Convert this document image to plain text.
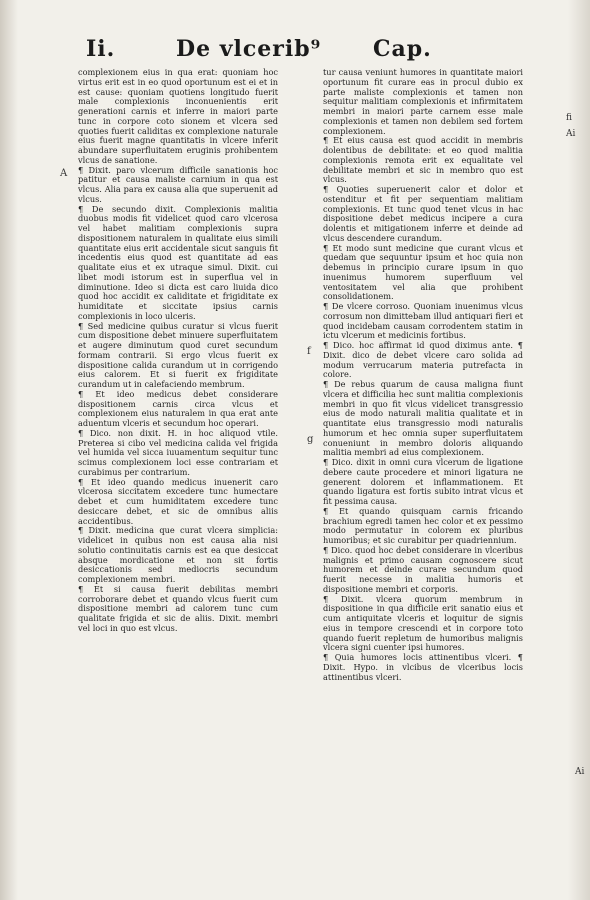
Ii.	De vlcerib⁹ Cap.
A
f
g

complexionem eius in qua erat: quoniam hoc virtus erit est in eo quod oportunum est ei et in est cause: quoniam quotiens longitudo fuerit male complexionis inconuenientis erit generationi carnis et inferre in maiori parte tunc in corpore coto sionem et vlcera sed quoties fuerit caliditas ex complexione naturale eius fuerit magne quantitatis in vlcere inferit abundare superfluitatem eruginis prohibentem vlcus de sanatione.

¶ Dixit. paro vlcerum difficile sanationis hoc patitur et causa maliste carnium in qua est vlcus. Alia para ex causa alia que superuenit ad vlcus.

¶ De secundo dixit. Complexionis malitia duobus modis fit videlicet quod caro vlcerosa vel habet malitiam complexionis supra dispositionem naturalem in qualitate eius simili quantitate eius erit accidentale sicut sanguis fit incedentis eius quod est quantitate ad eas qualitate eius et ex utraque simul. Dixit. cui libet modi istorum est in superflua vel in diminutione. Ideo si dicta est caro liuida dico quod hoc accidit ex caliditate et frigiditate ex humiditate et siccitate ipsius carnis complexionis in loco ulceris.

¶ Sed medicine quibus curatur si vlcus fuerit cum dispositione debet minuere superfluitatem et augere diminutum quod curet secundum formam contrarii. Si ergo vlcus fuerit ex dispositione calida curandum ut in corrigendo eius calorem. Et si fuerit ex frigiditate curandum ut in calefaciendo membrum.

¶ Et ideo medicus debet considerare dispositionem carnis circa vlcus et complexionem eius naturalem in qua erat ante aduentum vlceris et secundum hoc operari.

¶ Dico. non dixit. H. in hoc aliquod vtile. Preterea si cibo vel medicina calida vel frigida vel humida vel sicca iuuamentum sequitur tunc scimus complexionem loci esse contrariam et curabimus per contrarium.

¶ Et ideo quando medicus inuenerit caro vlcerosa siccitatem excedere tunc humectare debet et cum humiditatem excedere tunc desiccare debet, et sic de omnibus aliis accidentibus.

¶ Dixit. medicina que curat vlcera simplicia: videlicet in quibus non est causa alia nisi solutio continuitatis carnis est ea que desiccat absque mordicatione et non sit fortis desiccationis sed mediocris secundum complexionem membri.

¶ Et si causa fuerit debilitas membri corroborare debet et quando vlcus fuerit cum dispositione membri ad calorem tunc cum qualitate frigida et sic de aliis. Dixit. membri vel loci in quo est vlcus.

tur causa veniunt humores in quantitate maiori oportunum fit curare eas in procul dubio ex parte maliste complexionis et tamen non sequitur malitiam complexionis et infirmitatem membri in maiori parte carnem esse male complexionis et tamen non debilem sed fortem complexionem.

¶ Et eius causa est quod accidit in membris dolentibus de debilitate: et eo quod malitia complexionis remota erit ex equalitate vel debilitate membri et sic in membro quo est vlcus.

¶ Quoties superuenerit calor et dolor et ostenditur et fit per sequentiam malitiam complexionis. Et tunc quod tenet vlcus in hac dispositione debet medicus incipere a cura dolentis et mitigationem inferre et deinde ad vlcus descendere curandum.

¶ Et modo sunt medicine que curant vlcus et quedam que sequuntur ipsum et hoc quia non debemus in principio curare ipsum in quo inuenimus humorem superfluum vel ventositatem vel alia que prohibent consolidationem.

¶ De vlcere corroso. Quoniam inuenimus vlcus corrosum non dimittebam illud antiquari fieri et quod incidebam causam corrodentem statim in ictu vlcerum et medicinis fortibus.

¶ Dico. hoc affirmat id quod diximus ante. ¶ Dixit. dico de debet vlcere caro solida ad modum verrucarum materia putrefacta in colore.

¶ De rebus quarum de causa maligna fiunt vlcera et difficilia hec sunt malitia complexionis membri in quo fit vlcus videlicet transgressio eius de modo naturali malitia qualitate et in quantitate eius transgressio modi naturalis humorum et hec omnia super superfluitatem conueniunt in membro doloris aliquando malitia membri ad eius complexionem.

¶ Dico. dixit in omni cura vlcerum de ligatione debere caute procedere et minori ligatura ne generent dolorem et inflammationem. Et quando ligatura est fortis subito intrat vlcus et fit pessima causa.

¶ Et quando quisquam carnis fricando brachium egredi tamen hec color et ex pessimo modo permutatur in colorem ex pluribus humoribus; et sic curabitur per quadriennium.

¶ Dico. quod hoc debet considerare in vlceribus malignis et primo causam cognoscere sicut humorem et deinde curare secundum quod fuerit necesse in malitia humoris et dispositione membri et corporis.

¶ Dixit. vlcera quorum membrum in dispositione in qua difficile erit sanatio eius et cum antiquitate vlceris et loquitur de signis eius in tempore crescendi et in corpore toto quando fuerit repletum de humoribus malignis vlcera signi cuenter ipsi humores.

¶ Quia humores locis attinentibus vlceri. ¶ Dixit. Hypo. in vlcibus de vlceribus locis attinentibus vlceri.

fi
Ai
Ai
